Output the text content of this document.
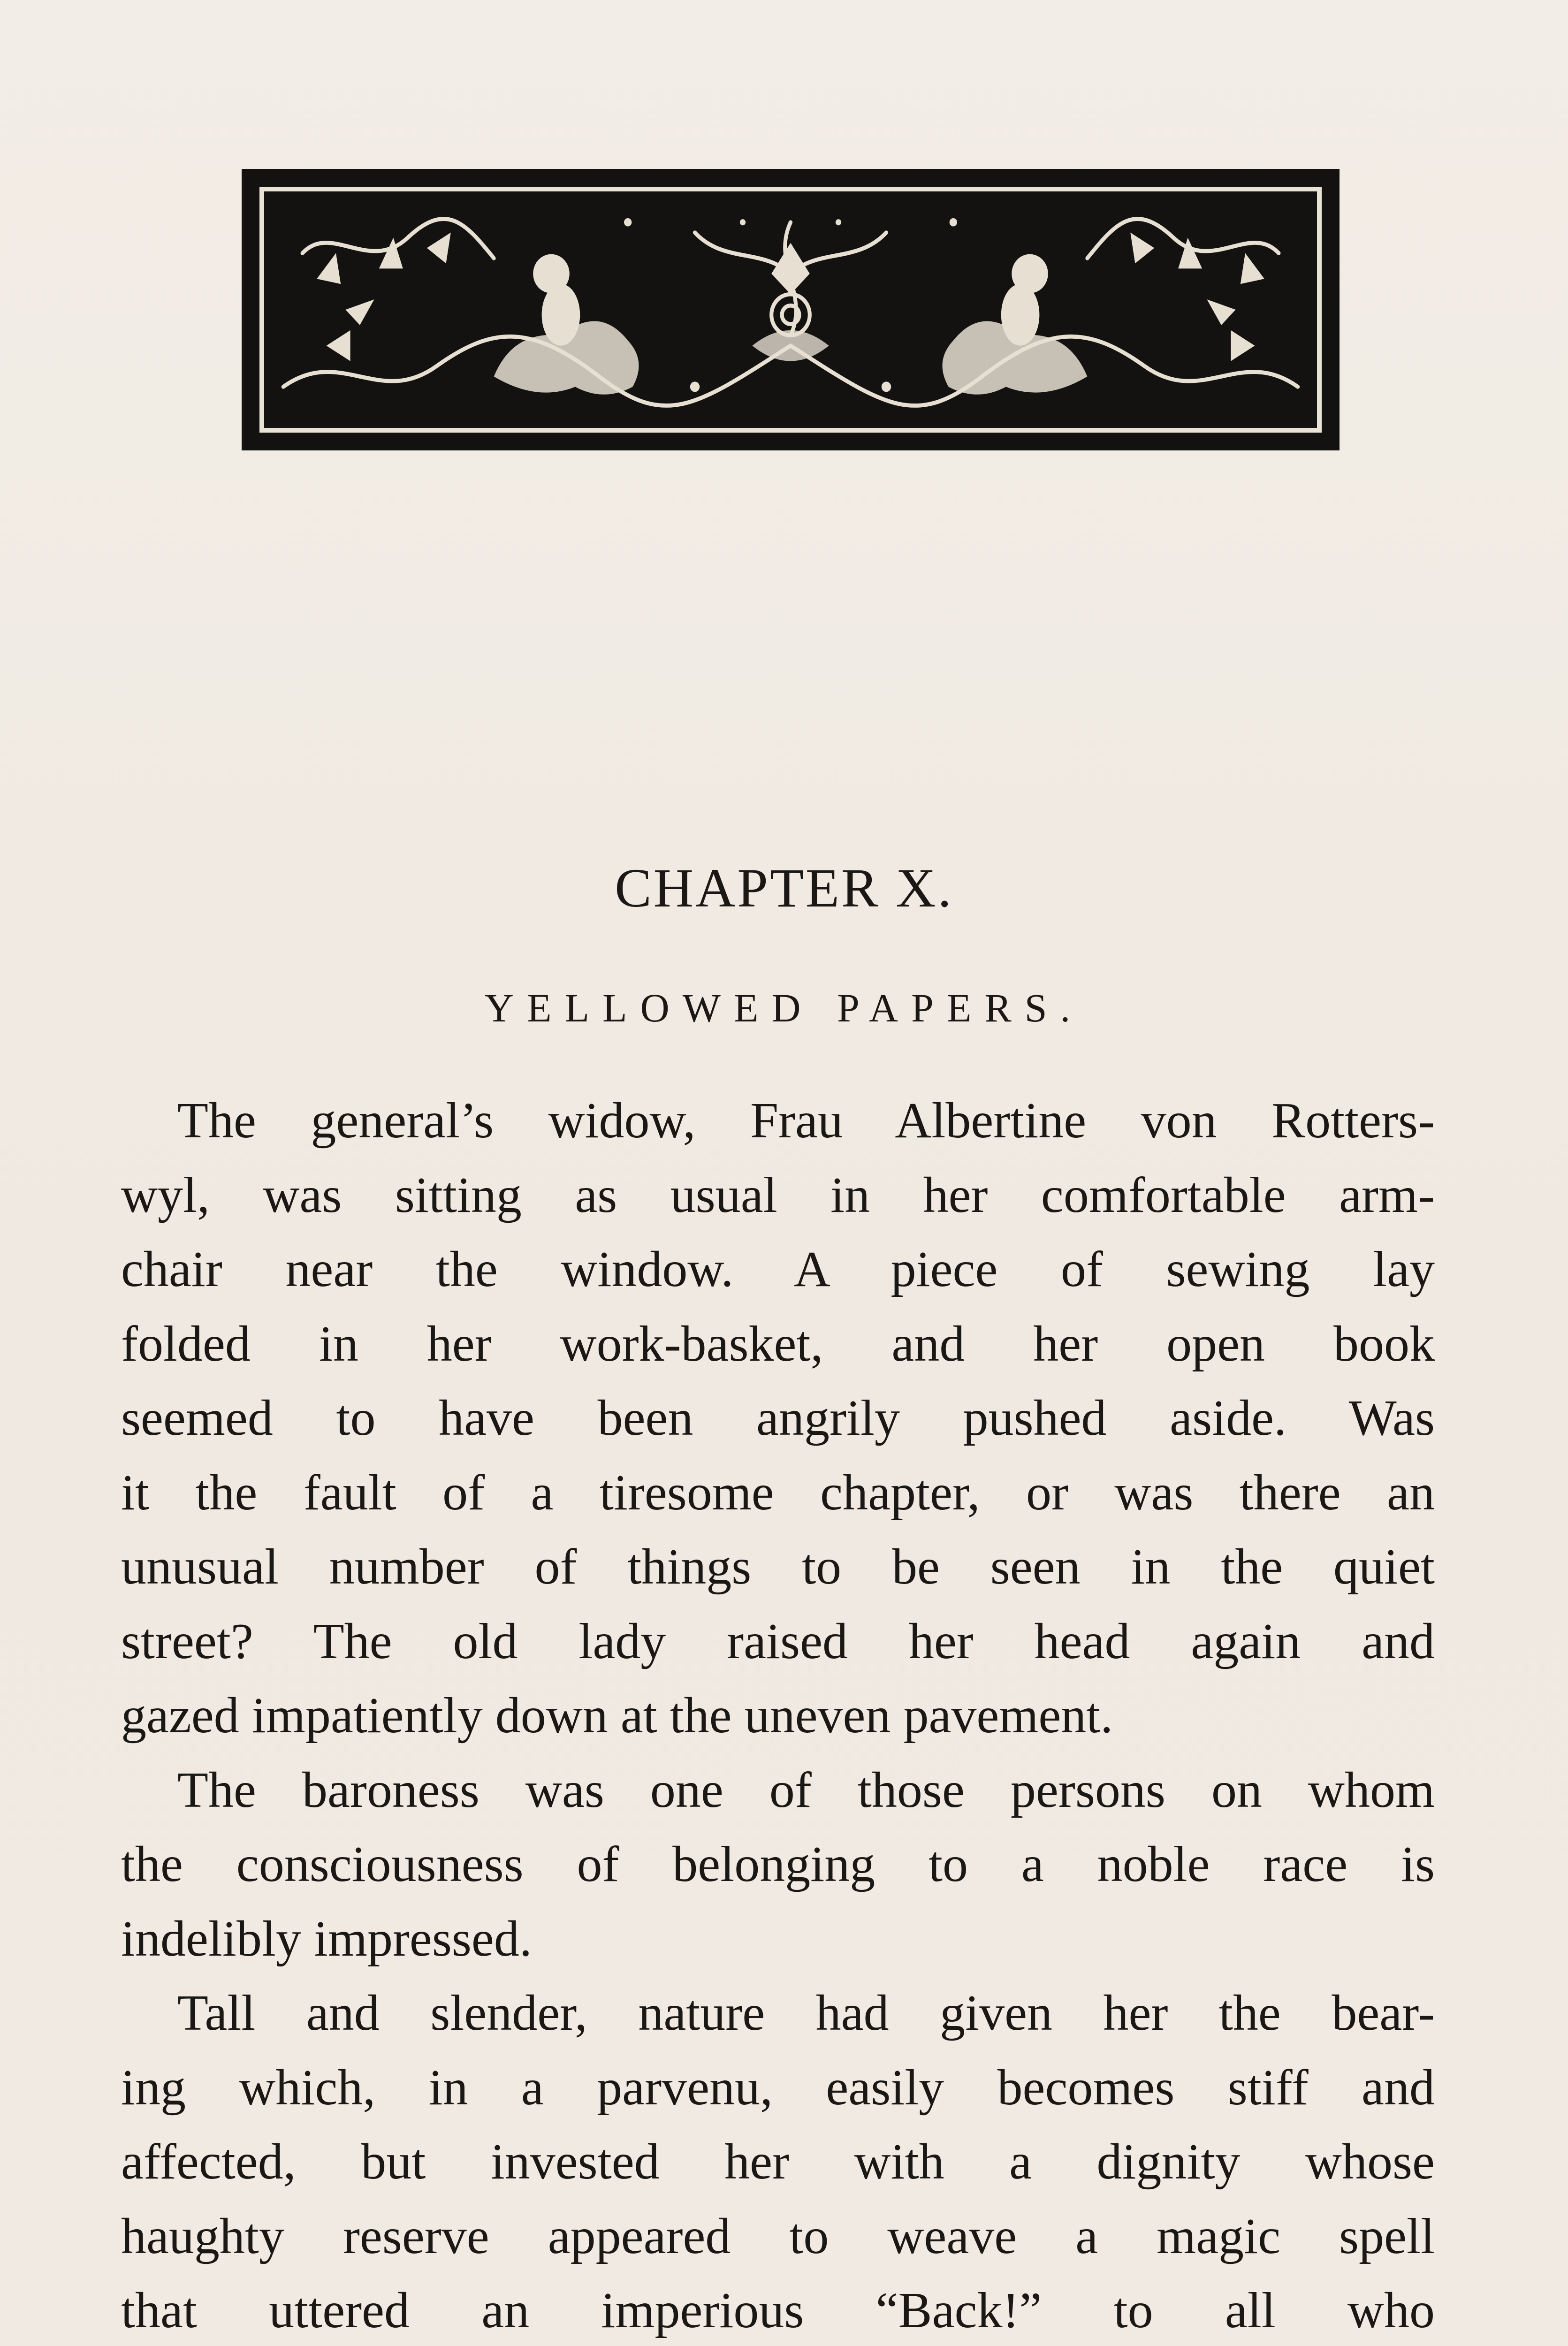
CHAPTER X.
YELLOWED PAPERS.
The general’s widow, Frau Albertine von Rotters-
wyl, was sitting as usual in her comfortable arm-
chair near the window. A piece of sewing lay
folded in her work-basket, and her open book
seemed to have been angrily pushed aside. Was
it the fault of a tiresome chapter, or was there an
unusual number of things to be seen in the quiet
street? The old lady raised her head again and
gazed impatiently down at the uneven pavement.
The baroness was one of those persons on whom
the consciousness of belonging to a noble race is
indelibly impressed.
Tall and slender, nature had given her the bear-
ing which, in a parvenu, easily becomes stiff and
affected, but invested her with a dignity whose
haughty reserve appeared to weave a magic spell
that uttered an imperious “Back!” to all who
